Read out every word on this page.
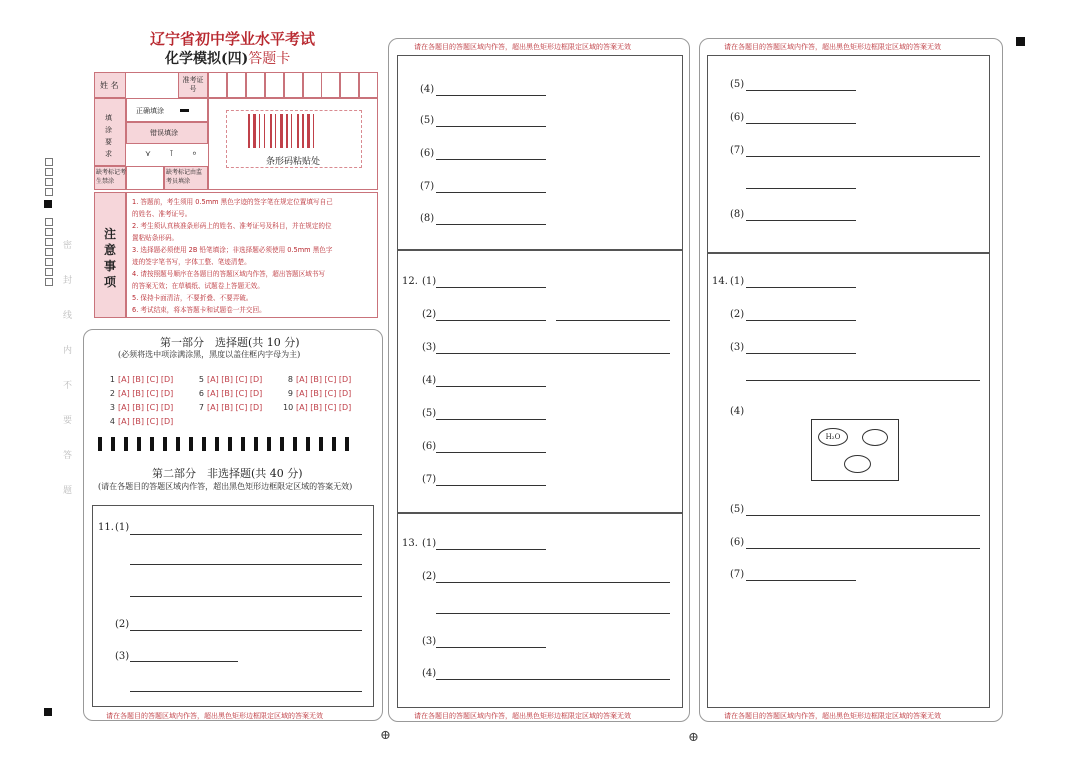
密封线内不要答题
辽宁省初中学业水平考试
化学模拟(四)答题卡
姓 名
准考证号
填涂要求
正确填涂
错误填涂
⋎ ⊺ ⸰
条形码粘贴处
缺考标记考生禁涂
缺考标记由监考员填涂
注意事项
1. 答题前，考生须用 0.5mm 黑色字迹的签字笔在规定位置填写自己
的姓名、准考证号。
2. 考生须认真核准条形码上的姓名、准考证号及科目，并在规定的位
置粘贴条形码。
3. 选择题必须使用 2B 铅笔填涂；非选择题必须使用 0.5mm 黑色字
迹的签字笔书写，字体工整、笔迹清楚。
4. 请按照题号顺序在各题目的答题区域内作答，超出答题区域书写
的答案无效；在草稿纸、试题卷上答题无效。
5. 保持卡面清洁，不要折叠、不要弄破。
6. 考试结束，将本答题卡和试题卷一并交回。
第一部分　选择题(共 10 分)
(必须将选中项涂满涂黑，黑度以盖住框内字母为主)
1 [A] [B] [C] [D]
2 [A] [B] [C] [D]
3 [A] [B] [C] [D]
4 [A] [B] [C] [D]
5 [A] [B] [C] [D]
6 [A] [B] [C] [D]
7 [A] [B] [C] [D]
8 [A] [B] [C] [D]
9 [A] [B] [C] [D]
10 [A] [B] [C] [D]
第二部分　非选择题(共 40 分)
(请在各题目的答题区域内作答，超出黑色矩形边框限定区域的答案无效)
11. (1)
(2)
(3)
请在各题目的答题区域内作答，超出黑色矩形边框限定区域的答案无效
请在各题目的答题区域内作答，超出黑色矩形边框限定区域的答案无效
请在各题目的答题区域内作答，超出黑色矩形边框限定区域的答案无效
(4)
(5)
(6)
(7)
(8)
12. (1)
(2)
(3)
(4)
(5)
(6)
(7)
13. (1)
(2)
(3)
(4)
请在各题目的答题区域内作答，超出黑色矩形边框限定区域的答案无效
请在各题目的答题区域内作答，超出黑色矩形边框限定区域的答案无效
(5)
(6)
(7)
(8)
14. (1)
(2)
(3)
(4)
(5)
(6)
(7)
H₂O
⊕	⊕
